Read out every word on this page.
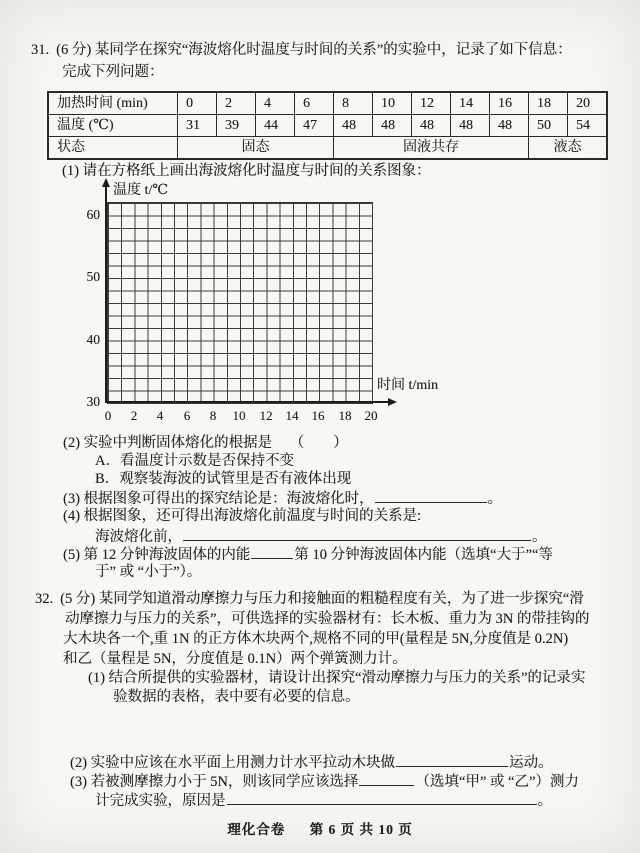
31. (6 分) 某同学在探究“海波熔化时温度与时间的关系”的实验中，记录了如下信息：
完成下列问题：
加热时间 (min)	0	2	4	6	8	10	12	14	16	18	20
温度 (℃)	31	39	44	47	48	48	48	48	48	50	54
状态	固态				固液共存					液态	
(1) 请在方格纸上画出海波熔化时温度与时间的关系图象：
温度 t/℃
时间 t/min
60
50
40
30
0	2	4	6	8	10	12	14	16	18	20
(2) 实验中判断固体熔化的根据是 （　　）
A．看温度计示数是否保持不变
B．观察装海波的试管里是否有液体出现
(3) 根据图象可得出的探究结论是：海波熔化时，	。
(4) 根据图象，还可得出海波熔化前温度与时间的关系是:
海波熔化前，	。
(5) 第 12 分钟海波固体的内能	第 10 分钟海波固体内能（选填“大于”“等
于” 或 “小于”）。
32. (5 分) 某同学知道滑动摩擦力与压力和接触面的粗糙程度有关，为了进一步探究“滑
动摩擦力与压力的关系”，可供选择的实验器材有：长木板、重力为 3N 的带挂钩的
大木块各一个,重 1N 的正方体木块两个,规格不同的甲(量程是 5N,分度值是 0.2N)
和乙（量程是 5N，分度值是 0.1N）两个弹簧测力计。
(1) 结合所提供的实验器材，请设计出探究“滑动摩擦力与压力的关系”的记录实
验数据的表格，表中要有必要的信息。
(2) 实验中应该在水平面上用测力计水平拉动木块做	运动。
(3) 若被测摩擦力小于 5N，则该同学应该选择	（选填“甲” 或 “乙”）测力
计完成实验，原因是	。
理化合卷 第 6 页 共 10 页
